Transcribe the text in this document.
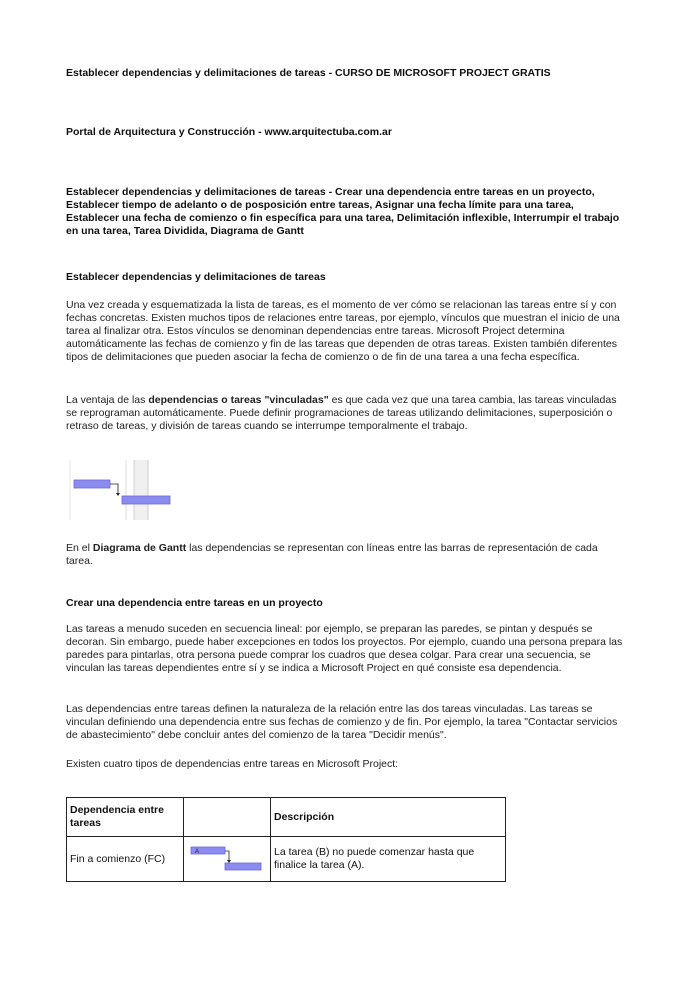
Establecer dependencias y delimitaciones de tareas - CURSO DE MICROSOFT PROJECT GRATIS

Portal de Arquitectura y Construcción - www.arquitectuba.com.ar

Establecer dependencias y delimitaciones de tareas - Crear una dependencia entre tareas en un proyecto, Establecer tiempo de adelanto o de posposición entre tareas, Asignar una fecha límite para una tarea, Establecer una fecha de comienzo o fin específica para una tarea, Delimitación inflexible, Interrumpir el trabajo en una tarea, Tarea Dividida, Diagrama de Gantt

Establecer dependencias y delimitaciones de tareas

Una vez creada y esquematizada la lista de tareas, es el momento de ver cómo se relacionan las tareas entre sí y con fechas concretas. Existen muchos tipos de relaciones entre tareas, por ejemplo, vínculos que muestran el inicio de una tarea al finalizar otra. Estos vínculos se denominan dependencias entre tareas. Microsoft Project determina automáticamente las fechas de comienzo y fin de las tareas que dependen de otras tareas. Existen también diferentes tipos de delimitaciones que pueden asociar la fecha de comienzo o de fin de una tarea a una fecha específica.

La ventaja de las dependencias o tareas "vinculadas" es que cada vez que una tarea cambia, las tareas vinculadas se reprograman automáticamente. Puede definir programaciones de tareas utilizando delimitaciones, superposición o retraso de tareas, y división de tareas cuando se interrumpe temporalmente el trabajo.

En el Diagrama de Gantt las dependencias se representan con líneas entre las barras de representación de cada tarea.

Crear una dependencia entre tareas en un proyecto

Las tareas a menudo suceden en secuencia lineal: por ejemplo, se preparan las paredes, se pintan y después se decoran. Sin embargo, puede haber excepciones en todos los proyectos. Por ejemplo, cuando una persona prepara las paredes para pintarlas, otra persona puede comprar los cuadros que desea colgar. Para crear una secuencia, se vinculan las tareas dependientes entre sí y se indica a Microsoft Project en qué consiste esa dependencia.

Las dependencias entre tareas definen la naturaleza de la relación entre las dos tareas vinculadas. Las tareas se vinculan definiendo una dependencia entre sus fechas de comienzo y de fin. Por ejemplo, la tarea "Contactar servicios de abastecimiento" debe concluir antes del comienzo de la tarea "Decidir menús".

Existen cuatro tipos de dependencias entre tareas en Microsoft Project:

Dependencia entre tareas		Descripción
Fin a comienzo (FC)	A	La tarea (B) no puede comenzar hasta que finalice la tarea (A).
